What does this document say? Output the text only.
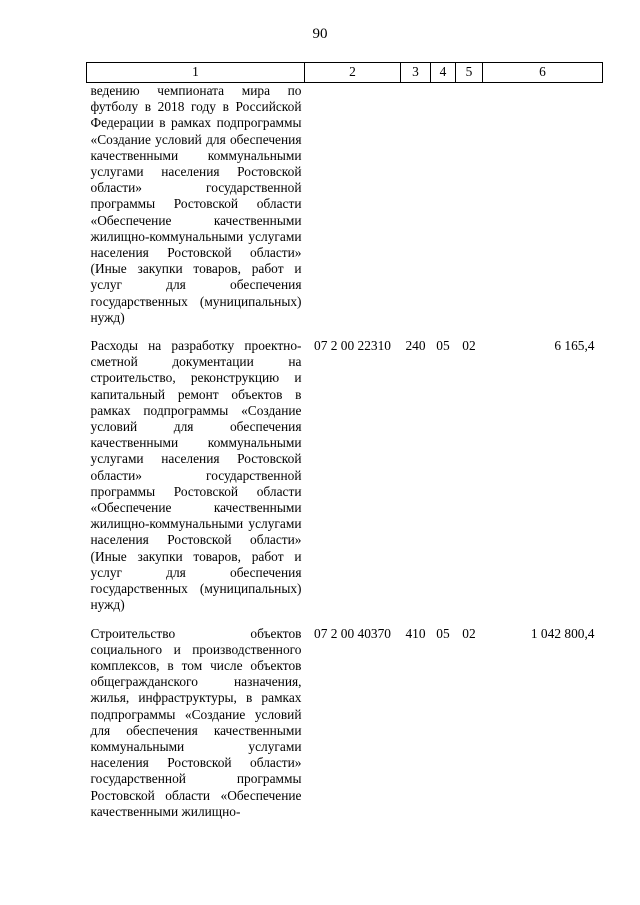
90
1	2	3	4	5	6
ведению чемпионата мира по футболу в 2018 году в Российской Федерации в рамках подпрограммы «Создание условий для обеспечения качественными коммунальными услугами населения Ростовской области» государственной программы Ростовской области «Обеспечение качественными жилищно-коммунальными услугами населения Ростовской области» (Иные закупки товаров, работ и услуг для обеспечения государственных (муниципальных) нужд)					

Расходы на разработку проектно-сметной документации на строительство, реконструкцию и капитальный ремонт объектов в рамках подпрограммы «Создание условий для обеспечения качественными коммунальными услугами населения Ростовской области» государственной программы Ростовской области «Обеспечение качественными жилищно-коммунальными услугами населения Ростовской области» (Иные закупки товаров, работ и услуг для обеспечения государственных (муниципальных) нужд)	07 2 00 22310	240	05	02	6 165,4

Строительство объектов социального и производственного комплексов, в том числе объектов общегражданского назначения, жилья, инфраструктуры, в рамках подпрограммы «Создание условий для обеспечения качественными коммунальными услугами населения Ростовской области» государственной программы Ростовской области «Обеспечение качественными жилищно-	07 2 00 40370	410	05	02	1 042 800,4
